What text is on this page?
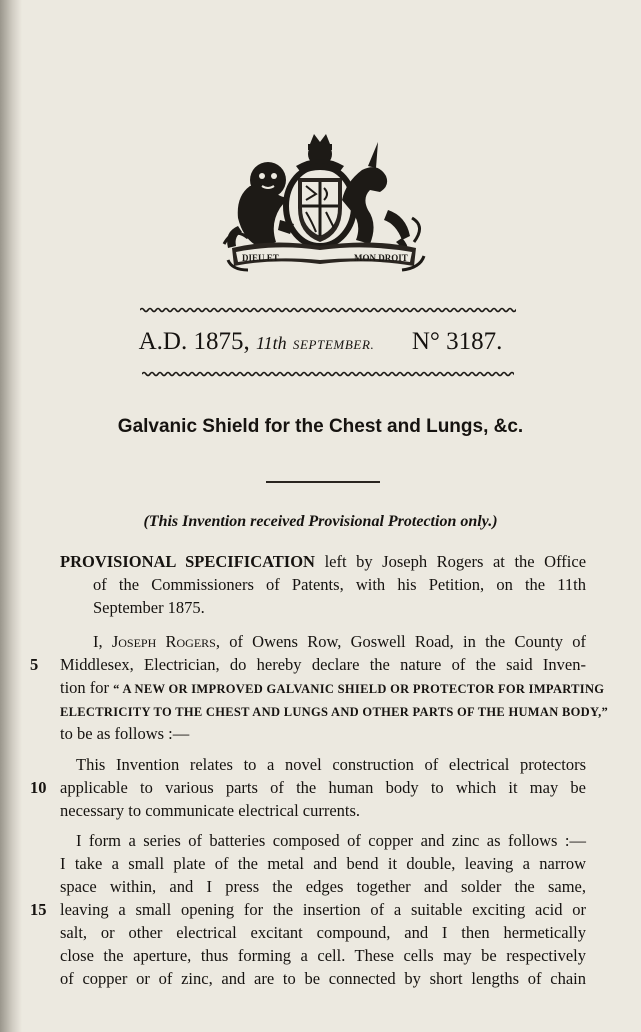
DIEU ET	MON DROIT
A.D. 1875, 11th SEPTEMBER. N° 3187.
Galvanic Shield for the Chest and Lungs, &c.
(This Invention received Provisional Protection only.)
PROVISIONAL SPECIFICATION left by Joseph Rogers at the Office
of the Commissioners of Patents, with his Petition, on the 11th
September 1875.
I, Joseph Rogers, of Owens Row, Goswell Road, in the County of
5	Middlesex, Electrician, do hereby declare the nature of the said Inven-
tion for “ A NEW OR IMPROVED GALVANIC SHIELD OR PROTECTOR FOR IMPARTING
ELECTRICITY TO THE CHEST AND LUNGS AND OTHER PARTS OF THE HUMAN BODY,”
to be as follows :—
This Invention relates to a novel construction of electrical protectors
10 applicable to various parts of the human body to which it may be
necessary to communicate electrical currents.
I form a series of batteries composed of copper and zinc as follows :—
I take a small plate of the metal and bend it double, leaving a narrow
space within, and I press the edges together and solder the same,
15 leaving a small opening for the insertion of a suitable exciting acid or
salt, or other electrical excitant compound, and I then hermetically
close the aperture, thus forming a cell. These cells may be respectively
of copper or of zinc, and are to be connected by short lengths of chain
